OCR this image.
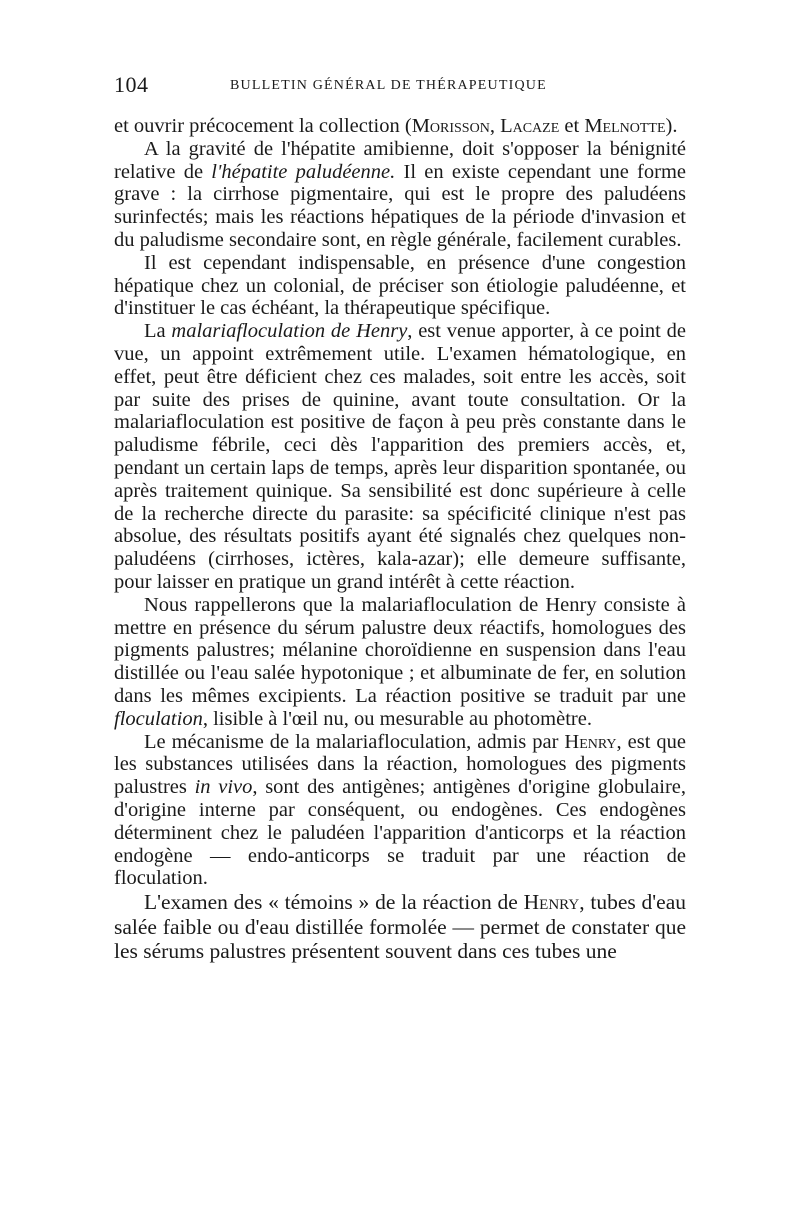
104	BULLETIN GÉNÉRAL DE THÉRAPEUTIQUE

et ouvrir précocement la collection (Morisson, Lacaze et Melnotte).

A la gravité de l'hépatite amibienne, doit s'opposer la bénignité relative de l'hépatite paludéenne. Il en existe cependant une forme grave : la cirrhose pigmentaire, qui est le propre des paludéens surinfectés; mais les réactions hépatiques de la période d'invasion et du paludisme secondaire sont, en règle générale, facilement curables.

Il est cependant indispensable, en présence d'une congestion hépatique chez un colonial, de préciser son étiologie paludéenne, et d'instituer le cas échéant, la thérapeutique spécifique.

La malariafloculation de Henry, est venue apporter, à ce point de vue, un appoint extrêmement utile. L'examen hématologique, en effet, peut être déficient chez ces malades, soit entre les accès, soit par suite des prises de quinine, avant toute consultation. Or la malariafloculation est positive de façon à peu près constante dans le paludisme fébrile, ceci dès l'apparition des premiers accès, et, pendant un certain laps de temps, après leur disparition spontanée, ou après traitement quinique. Sa sensibilité est donc supérieure à celle de la recherche directe du parasite: sa spécificité clinique n'est pas absolue, des résultats positifs ayant été signalés chez quelques non-paludéens (cirrhoses, ictères, kala-azar); elle demeure suffisante, pour laisser en pratique un grand intérêt à cette réaction.

Nous rappellerons que la malariafloculation de Henry consiste à mettre en présence du sérum palustre deux réactifs, homologues des pigments palustres; mélanine choroïdienne en suspension dans l'eau distillée ou l'eau salée hypotonique ; et albuminate de fer, en solution dans les mêmes excipients. La réaction positive se traduit par une floculation, lisible à l'œil nu, ou mesurable au photomètre.

Le mécanisme de la malariafloculation, admis par Henry, est que les substances utilisées dans la réaction, homologues des pigments palustres in vivo, sont des antigènes; antigènes d'origine globulaire, d'origine interne par conséquent, ou endogènes. Ces endogènes déterminent chez le paludéen l'apparition d'anticorps et la réaction endogène — endo-anticorps se traduit par une réaction de floculation.

L'examen des « témoins » de la réaction de Henry, tubes d'eau salée faible ou d'eau distillée formolée — permet de constater que les sérums palustres présentent souvent dans ces tubes une
